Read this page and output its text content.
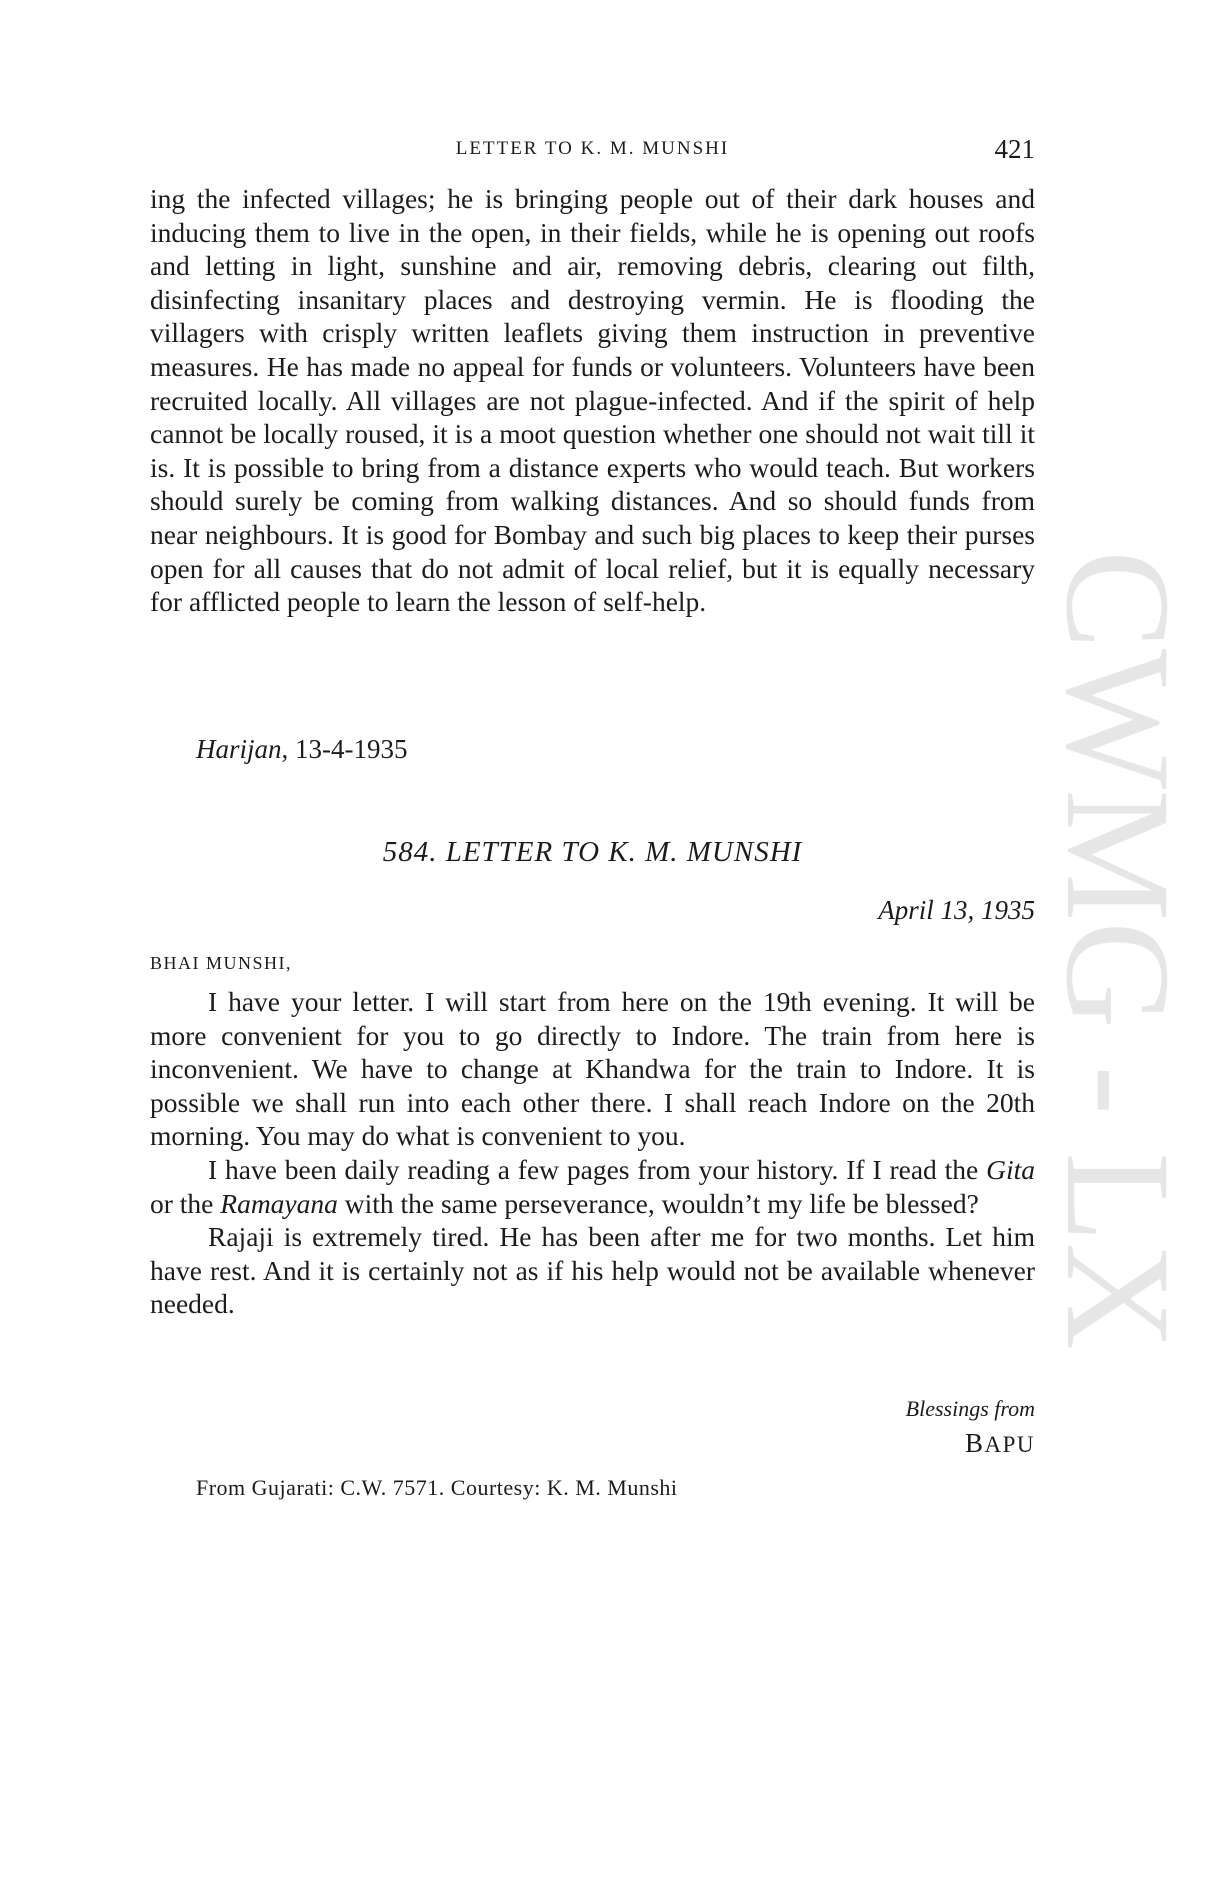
LETTER TO K. M. MUNSHI	421

ing the infected villages; he is bringing people out of their dark houses and inducing them to live in the open, in their fields, while he is opening out roofs and letting in light, sunshine and air, removing debris, clearing out filth, disinfecting insanitary places and destroying vermin. He is flooding the villagers with crisply written leaflets giving them instruction in preventive measures. He has made no appeal for funds or volunteers. Volunteers have been recruited locally. All villages are not plague-infected. And if the spirit of help cannot be locally roused, it is a moot question whether one should not wait till it is. It is possible to bring from a distance experts who would teach. But workers should surely be coming from walking distances. And so should funds from near neighbours. It is good for Bombay and such big places to keep their purses open for all causes that do not admit of local relief, but it is equally necessary for afflicted people to learn the lesson of self-help.

Harijan, 13-4-1935
584. LETTER TO K. M. MUNSHI
April 13, 1935
BHAI MUNSHI,

I have your letter. I will start from here on the 19th evening. It will be more convenient for you to go directly to Indore. The train from here is inconvenient. We have to change at Khandwa for the train to Indore. It is possible we shall run into each other there. I shall reach Indore on the 20th morning. You may do what is convenient to you.

I have been daily reading a few pages from your history. If I read the Gita or the Ramayana with the same perseverance, wouldn’t my life be blessed?

Rajaji is extremely tired. He has been after me for two months. Let him have rest. And it is certainly not as if his help would not be available whenever needed.

Blessings from
BAPU
From Gujarati: C.W. 7571. Courtesy: K. M. Munshi
CWMG - LX
